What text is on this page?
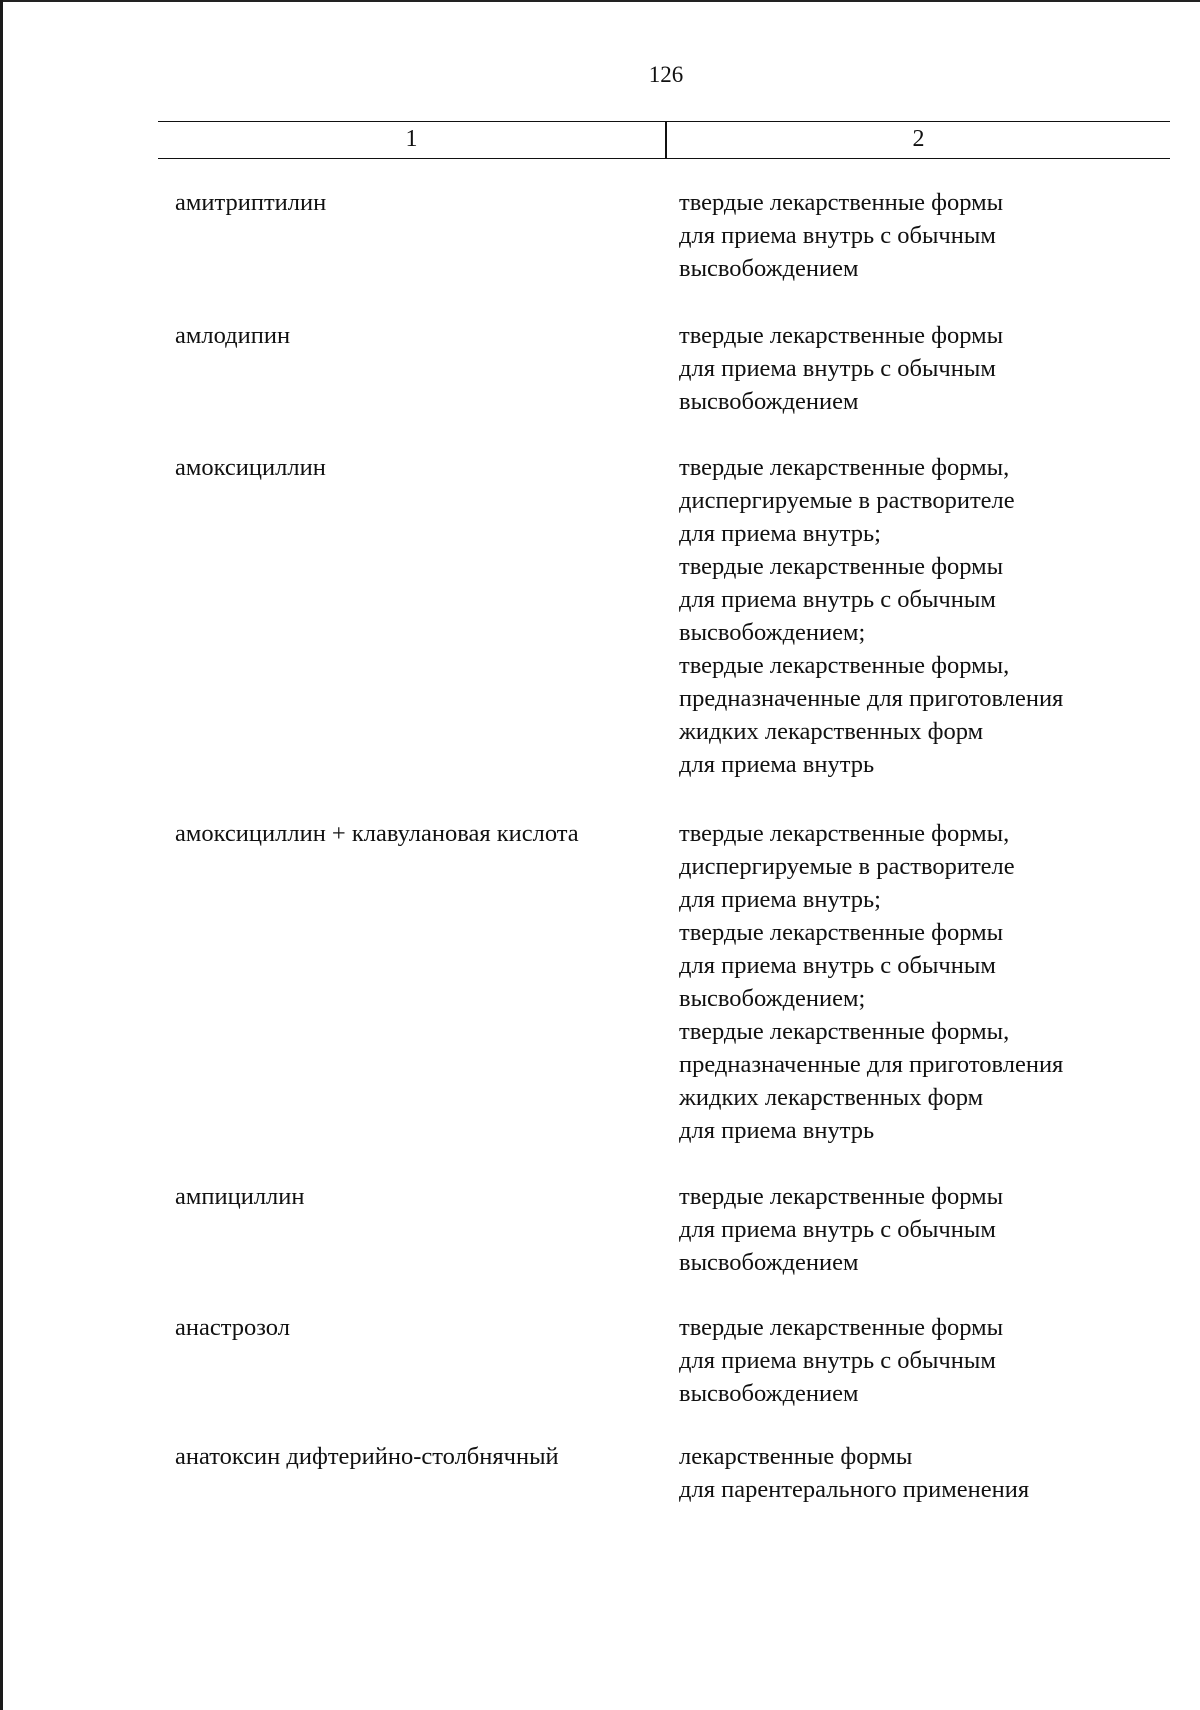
126
1	2
амитриптилин	твердые лекарственные формы
для приема внутрь с обычным
высвобождением
амлодипин	твердые лекарственные формы
для приема внутрь с обычным
высвобождением
амоксициллин	твердые лекарственные формы,
диспергируемые в растворителе
для приема внутрь;
твердые лекарственные формы
для приема внутрь с обычным
высвобождением;
твердые лекарственные формы,
предназначенные для приготовления
жидких лекарственных форм
для приема внутрь
амоксициллин + клавулановая кислота	твердые лекарственные формы,
диспергируемые в растворителе
для приема внутрь;
твердые лекарственные формы
для приема внутрь с обычным
высвобождением;
твердые лекарственные формы,
предназначенные для приготовления
жидких лекарственных форм
для приема внутрь
ампициллин	твердые лекарственные формы
для приема внутрь с обычным
высвобождением
анастрозол	твердые лекарственные формы
для приема внутрь с обычным
высвобождением
анатоксин дифтерийно-столбнячный	лекарственные формы
для парентерального применения
